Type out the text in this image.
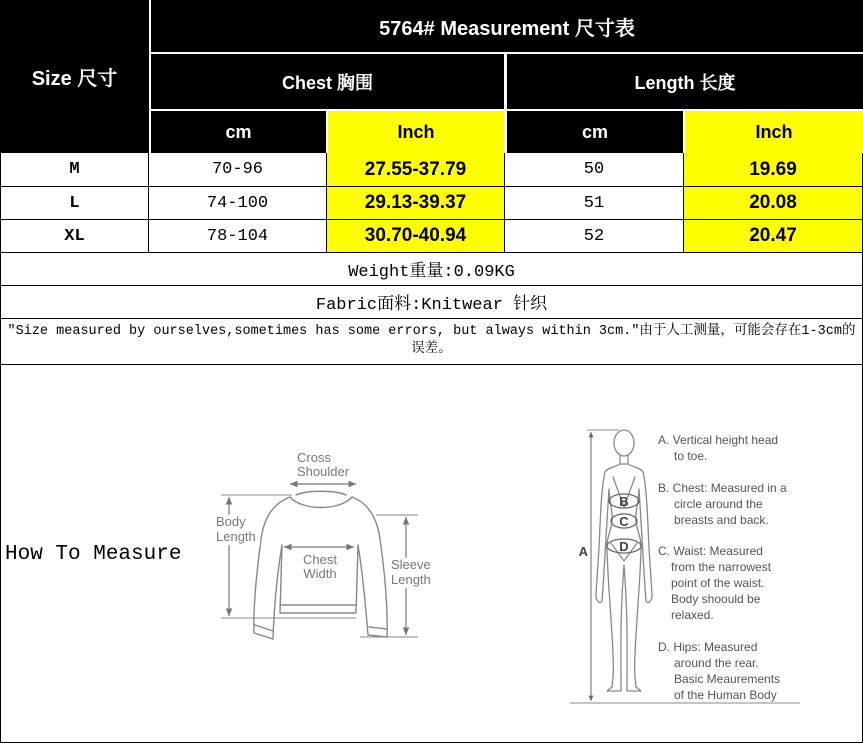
Size 尺寸
5764# Measurement 尺寸表
Chest 胸围	Length 长度
cm	Inch	cm	Inch
M	70-96	27.55-37.79	50	19.69
L	74-100	29.13-39.37	51	20.08
XL	78-104	30.70-40.94	52	20.47
Weight重量:0.09KG
Fabric面料:Knitwear 针织
"Size measured by ourselves,sometimes has some errors, but always within 3cm."由于人工测量，可能会存在1-3cm的误差。
How To Measure
Cross
Shoulder
Body
Length
Chest
Width
Sleeve
Length
A
B
C
D
A. Vertical height head
to toe.
B. Chest: Measured in a
circle around the
breasts and back.
C. Waist: Measured
from the narrowest
point of the waist.
Body shoould be
relaxed.
D. Hips: Measured
around the rear.
Basic Meaurements
of the Human Body
